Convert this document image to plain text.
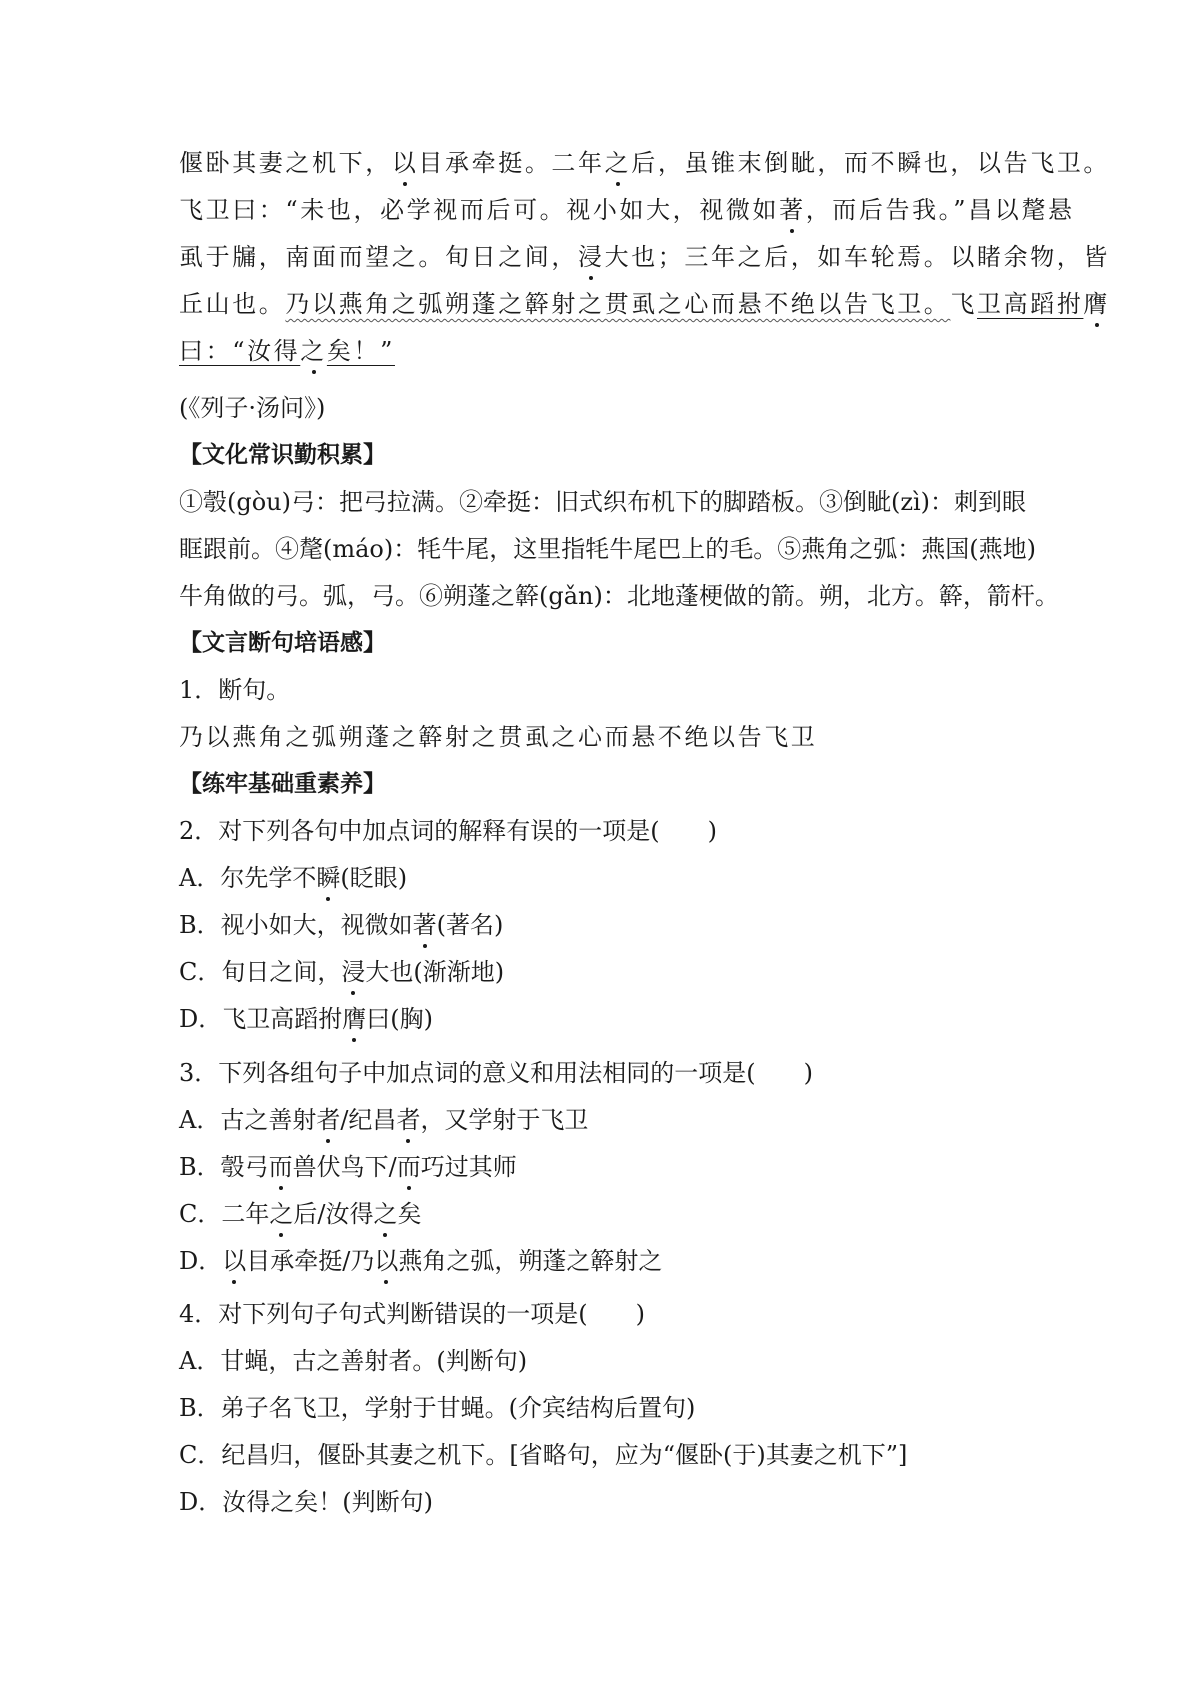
偃卧其妻之机下，以目承牵挺。二年之后，虽锥末倒眦，而不瞬也，以告飞卫。
飞卫曰：“未也，必学视而后可。视小如大，视微如著，而后告我。”昌以氂悬
虱于牖，南面而望之。旬日之间，浸大也；三年之后，如车轮焉。以睹余物，皆
丘山也。乃以燕角之弧朔蓬之簳射之贯虱之心而悬不绝以告飞卫。飞卫高蹈拊膺
曰：“汝得之矣！”
(《列子·汤问》)
【文化常识勤积累】
①彀(gòu)弓：把弓拉满。②牵挺：旧式织布机下的脚踏板。③倒眦(zì)：刺到眼
眶跟前。④氂(máo)：牦牛尾，这里指牦牛尾巴上的毛。⑤燕角之弧：燕国(燕地)
牛角做的弓。弧，弓。⑥朔蓬之簳(gǎn)：北地蓬梗做的箭。朔，北方。簳，箭杆。
【文言断句培语感】
1．断句。
乃以燕角之弧朔蓬之簳射之贯虱之心而悬不绝以告飞卫
【练牢基础重素养】
2．对下列各句中加点词的解释有误的一项是(　　)
A．尔先学不瞬(眨眼)
B．视小如大，视微如著(著名)
C．旬日之间，浸大也(渐渐地)
D．飞卫高蹈拊膺曰(胸)
3．下列各组句子中加点词的意义和用法相同的一项是(　　)
A．古之善射者/纪昌者，又学射于飞卫
B．彀弓而兽伏鸟下/而巧过其师
C．二年之后/汝得之矣
D．以目承牵挺/乃以燕角之弧，朔蓬之簳射之
4．对下列句子句式判断错误的一项是(　　)
A．甘蝇，古之善射者。(判断句)
B．弟子名飞卫，学射于甘蝇。(介宾结构后置句)
C．纪昌归，偃卧其妻之机下。[省略句，应为“偃卧(于)其妻之机下”]
D．汝得之矣！(判断句)
